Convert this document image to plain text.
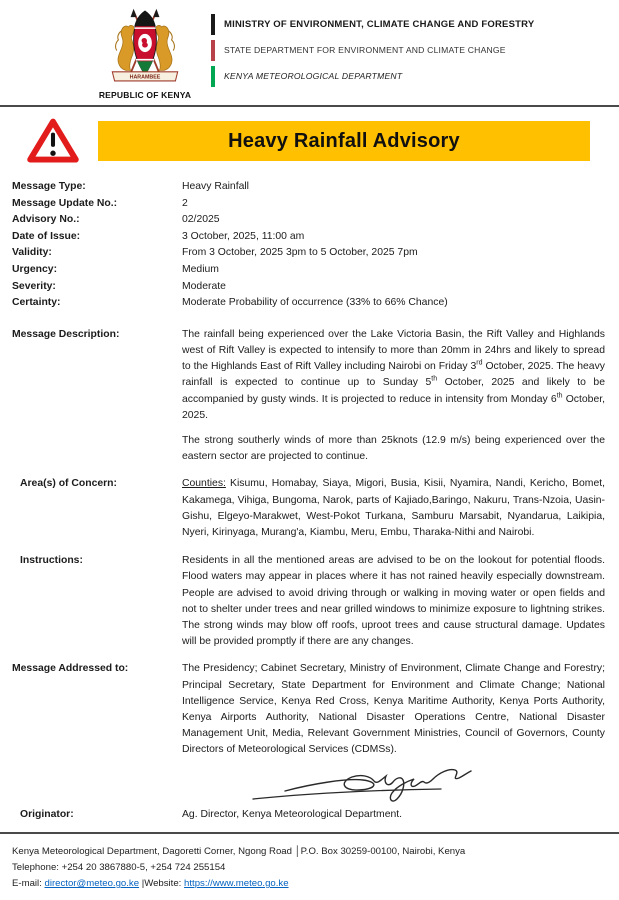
HARAMBEE
REPUBLIC OF KENYA
MINISTRY OF ENVIRONMENT, CLIMATE CHANGE AND FORESTRY
STATE DEPARTMENT FOR ENVIRONMENT AND CLIMATE CHANGE
KENYA METEOROLOGICAL DEPARTMENT
Heavy Rainfall Advisory
Message Type:	Heavy Rainfall
Message Update No.:	2
Advisory No.:	02/2025
Date of Issue:	3 October, 2025, 11:00 am
Validity:	From 3 October, 2025 3pm to 5 October, 2025 7pm
Urgency:	Medium
Severity:	Moderate
Certainty:	Moderate Probability of occurrence (33% to 66% Chance)
Message Description:	The rainfall being experienced over the Lake Victoria Basin, the Rift Valley and Highlands west of Rift Valley is expected to intensify to more than 20mm in 24hrs and likely to spread to the Highlands East of Rift Valley including Nairobi on Friday 3rd October, 2025. The heavy rainfall is expected to continue up to Sunday 5th October, 2025 and likely to be accompanied by gusty winds. It is projected to reduce in intensity from Monday 6th October, 2025.

The strong southerly winds of more than 25knots (12.9 m/s) being experienced over the eastern sector are projected to continue.

Area(s) of Concern:	Counties: Kisumu, Homabay, Siaya, Migori, Busia, Kisii, Nyamira, Nandi, Kericho, Bomet, Kakamega, Vihiga, Bungoma, Narok, parts of Kajiado,Baringo, Nakuru, Trans-Nzoia, Uasin-Gishu, Elgeyo-Marakwet, West-Pokot Turkana, Samburu Marsabit, Nyandarua, Laikipia, Nyeri, Kirinyaga, Murang'a, Kiambu, Meru, Embu, Tharaka-Nithi and Nairobi.

Instructions:	Residents in all the mentioned areas are advised to be on the lookout for potential floods. Flood waters may appear in places where it has not rained heavily especially downstream. People are advised to avoid driving through or walking in moving water or open fields and not to shelter under trees and near grilled windows to minimize exposure to lightning strikes. The strong winds may blow off roofs, uproot trees and cause structural damage. Updates will be provided promptly if there are any changes.

Message Addressed to:	The Presidency; Cabinet Secretary, Ministry of Environment, Climate Change and Forestry; Principal Secretary, State Department for Environment and Climate Change; National Intelligence Service, Kenya Red Cross, Kenya Maritime Authority, Kenya Ports Authority, Kenya Airports Authority, National Disaster Operations Centre, National Disaster Management Unit, Media, Relevant Government Ministries, Council of Governors, County Directors of Meteorological Services (CDMSs).

Originator:	Ag. Director, Kenya Meteorological Department.

Kenya Meteorological Department, Dagoretti Corner, Ngong Road │P.O. Box 30259-00100, Nairobi, Kenya
Telephone: +254 20 3867880-5, +254 724 255154
E-mail: director@meteo.go.ke |Website: https://www.meteo.go.ke
